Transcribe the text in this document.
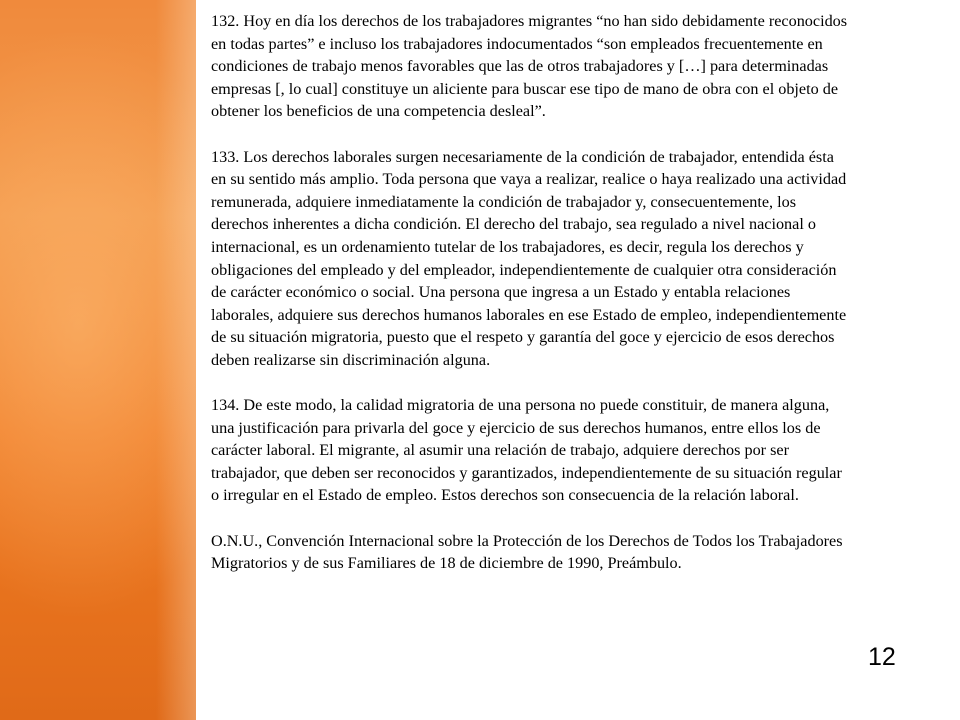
132. Hoy en día los derechos de los trabajadores migrantes “no han sido debidamente reconocidos
en todas partes” e incluso los trabajadores indocumentados “son empleados frecuentemente en
condiciones de trabajo menos favorables que las de otros trabajadores y […] para determinadas
empresas [, lo cual] constituye un aliciente para buscar ese tipo de mano de obra con el objeto de
obtener los beneficios de una competencia desleal”.

133. Los derechos laborales surgen necesariamente de la condición de trabajador, entendida ésta
en su sentido más amplio. Toda persona que vaya a realizar, realice o haya realizado una actividad
remunerada, adquiere inmediatamente la condición de trabajador y, consecuentemente, los
derechos inherentes a dicha condición. El derecho del trabajo, sea regulado a nivel nacional o
internacional, es un ordenamiento tutelar de los trabajadores, es decir, regula los derechos y
obligaciones del empleado y del empleador, independientemente de cualquier otra consideración
de carácter económico o social. Una persona que ingresa a un Estado y entabla relaciones
laborales, adquiere sus derechos humanos laborales en ese Estado de empleo, independientemente
de su situación migratoria, puesto que el respeto y garantía del goce y ejercicio de esos derechos
deben realizarse sin discriminación alguna.

134. De este modo, la calidad migratoria de una persona no puede constituir, de manera alguna,
una justificación para privarla del goce y ejercicio de sus derechos humanos, entre ellos los de
carácter laboral. El migrante, al asumir una relación de trabajo, adquiere derechos por ser
trabajador, que deben ser reconocidos y garantizados, independientemente de su situación regular
o irregular en el Estado de empleo. Estos derechos son consecuencia de la relación laboral.

O.N.U., Convención Internacional sobre la Protección de los Derechos de Todos los Trabajadores
Migratorios y de sus Familiares de 18 de diciembre de 1990, Preámbulo.

12
